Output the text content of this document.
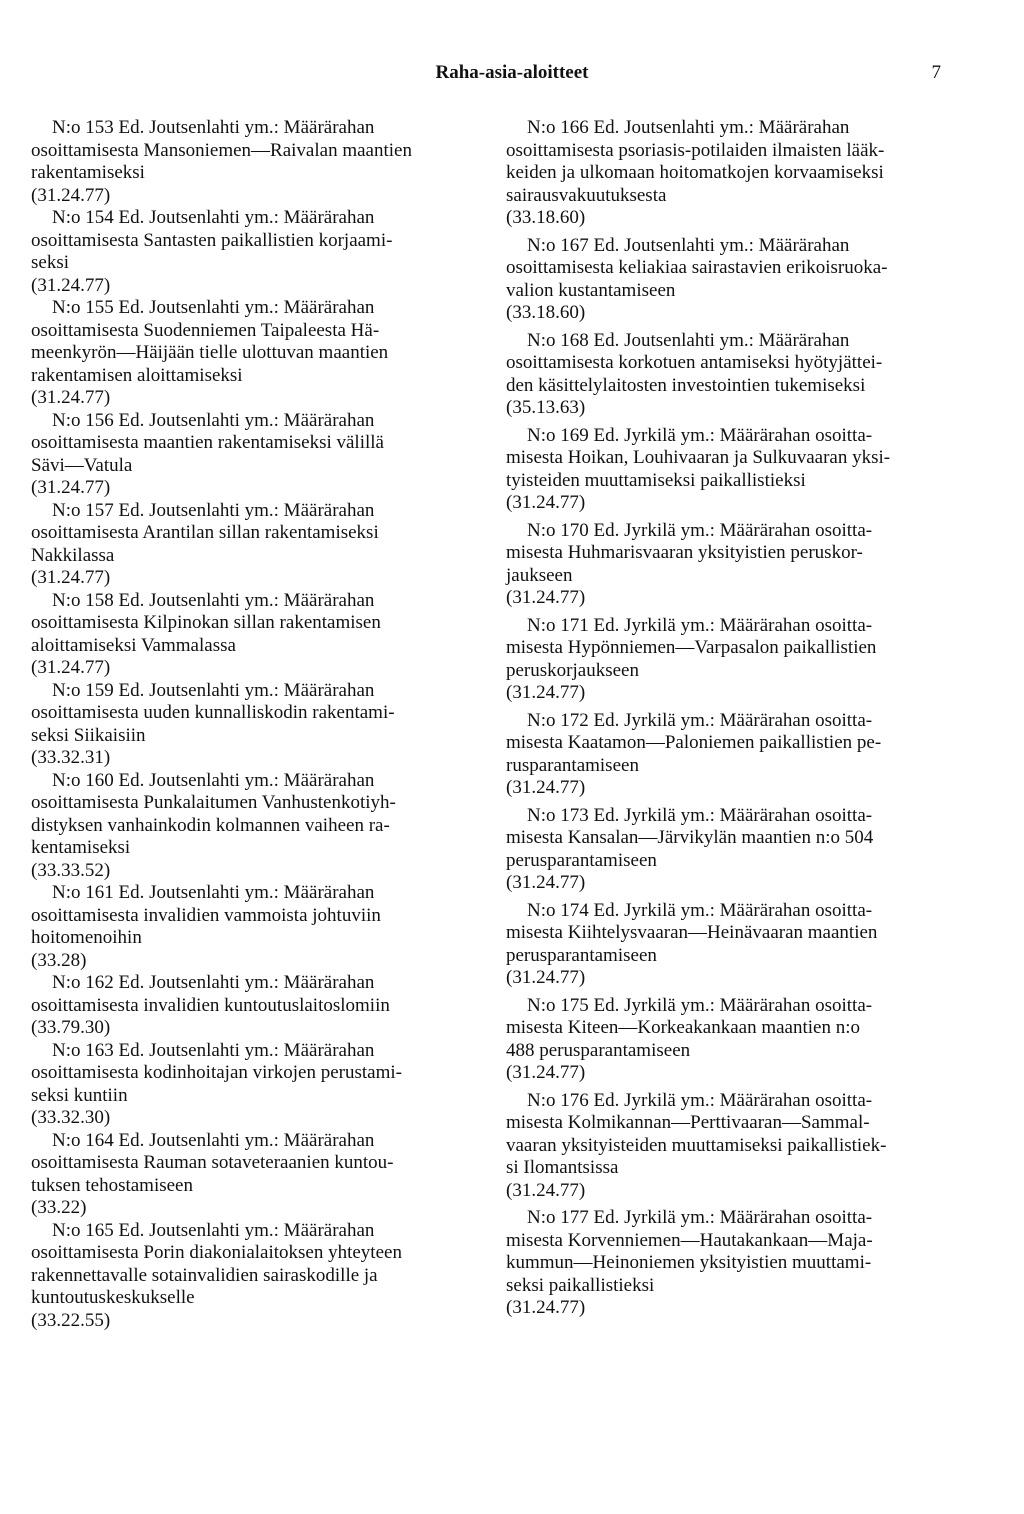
Raha-asia-aloitteet	7
N:o 153 Ed. Joutsenlahti ym.: Määrärahan
osoittamisesta Mansoniemen—Raivalan maantien
rakentamiseksi
(31.24.77)
N:o 154 Ed. Joutsenlahti ym.: Määrärahan
osoittamisesta Santasten paikallistien korjaami-
seksi
(31.24.77)
N:o 155 Ed. Joutsenlahti ym.: Määrärahan
osoittamisesta Suodenniemen Taipaleesta Hä-
meenkyrön—Häijään tielle ulottuvan maantien
rakentamisen aloittamiseksi
(31.24.77)
N:o 156 Ed. Joutsenlahti ym.: Määrärahan
osoittamisesta maantien rakentamiseksi välillä
Sävi—Vatula
(31.24.77)
N:o 157 Ed. Joutsenlahti ym.: Määrärahan
osoittamisesta Arantilan sillan rakentamiseksi
Nakkilassa
(31.24.77)
N:o 158 Ed. Joutsenlahti ym.: Määrärahan
osoittamisesta Kilpinokan sillan rakentamisen
aloittamiseksi Vammalassa
(31.24.77)
N:o 159 Ed. Joutsenlahti ym.: Määrärahan
osoittamisesta uuden kunnalliskodin rakentami-
seksi Siikaisiin
(33.32.31)
N:o 160 Ed. Joutsenlahti ym.: Määrärahan
osoittamisesta Punkalaitumen Vanhustenkotiyh-
distyksen vanhainkodin kolmannen vaiheen ra-
kentamiseksi
(33.33.52)
N:o 161 Ed. Joutsenlahti ym.: Määrärahan
osoittamisesta invalidien vammoista johtuviin
hoitomenoihin
(33.28)
N:o 162 Ed. Joutsenlahti ym.: Määrärahan
osoittamisesta invalidien kuntoutuslaitoslomiin
(33.79.30)
N:o 163 Ed. Joutsenlahti ym.: Määrärahan
osoittamisesta kodinhoitajan virkojen perustami-
seksi kuntiin
(33.32.30)
N:o 164 Ed. Joutsenlahti ym.: Määrärahan
osoittamisesta Rauman sotaveteraanien kuntou-
tuksen tehostamiseen
(33.22)
N:o 165 Ed. Joutsenlahti ym.: Määrärahan
osoittamisesta Porin diakonialaitoksen yhteyteen
rakennettavalle sotainvalidien sairaskodille ja
kuntoutuskeskukselle
(33.22.55)
N:o 166 Ed. Joutsenlahti ym.: Määrärahan
osoittamisesta psoriasis-potilaiden ilmaisten lääk-
keiden ja ulkomaan hoitomatkojen korvaamiseksi
sairausvakuutuksesta
(33.18.60)
N:o 167 Ed. Joutsenlahti ym.: Määrärahan
osoittamisesta keliakiaa sairastavien erikoisruoka-
valion kustantamiseen
(33.18.60)
N:o 168 Ed. Joutsenlahti ym.: Määrärahan
osoittamisesta korkotuen antamiseksi hyötyjättei-
den käsittelylaitosten investointien tukemiseksi
(35.13.63)
N:o 169 Ed. Jyrkilä ym.: Määrärahan osoitta-
misesta Hoikan, Louhivaaran ja Sulkuvaaran yksi-
tyisteiden muuttamiseksi paikallistieksi
(31.24.77)
N:o 170 Ed. Jyrkilä ym.: Määrärahan osoitta-
misesta Huhmarisvaaran yksityistien peruskor-
jaukseen
(31.24.77)
N:o 171 Ed. Jyrkilä ym.: Määrärahan osoitta-
misesta Hypönniemen—Varpasalon paikallistien
peruskorjaukseen
(31.24.77)
N:o 172 Ed. Jyrkilä ym.: Määrärahan osoitta-
misesta Kaatamon—Paloniemen paikallistien pe-
rusparantamiseen
(31.24.77)
N:o 173 Ed. Jyrkilä ym.: Määrärahan osoitta-
misesta Kansalan—Järvikylän maantien n:o 504
perusparantamiseen
(31.24.77)
N:o 174 Ed. Jyrkilä ym.: Määrärahan osoitta-
misesta Kiihtelysvaaran—Heinävaaran maantien
perusparantamiseen
(31.24.77)
N:o 175 Ed. Jyrkilä ym.: Määrärahan osoitta-
misesta Kiteen—Korkeakankaan maantien n:o
488 perusparantamiseen
(31.24.77)
N:o 176 Ed. Jyrkilä ym.: Määrärahan osoitta-
misesta Kolmikannan—Perttivaaran—Sammal-
vaaran yksityisteiden muuttamiseksi paikallistiek-
si Ilomantsissa
(31.24.77)
N:o 177 Ed. Jyrkilä ym.: Määrärahan osoitta-
misesta Korvenniemen—Hautakankaan—Maja-
kummun—Heinoniemen yksityistien muuttami-
seksi paikallistieksi
(31.24.77)
